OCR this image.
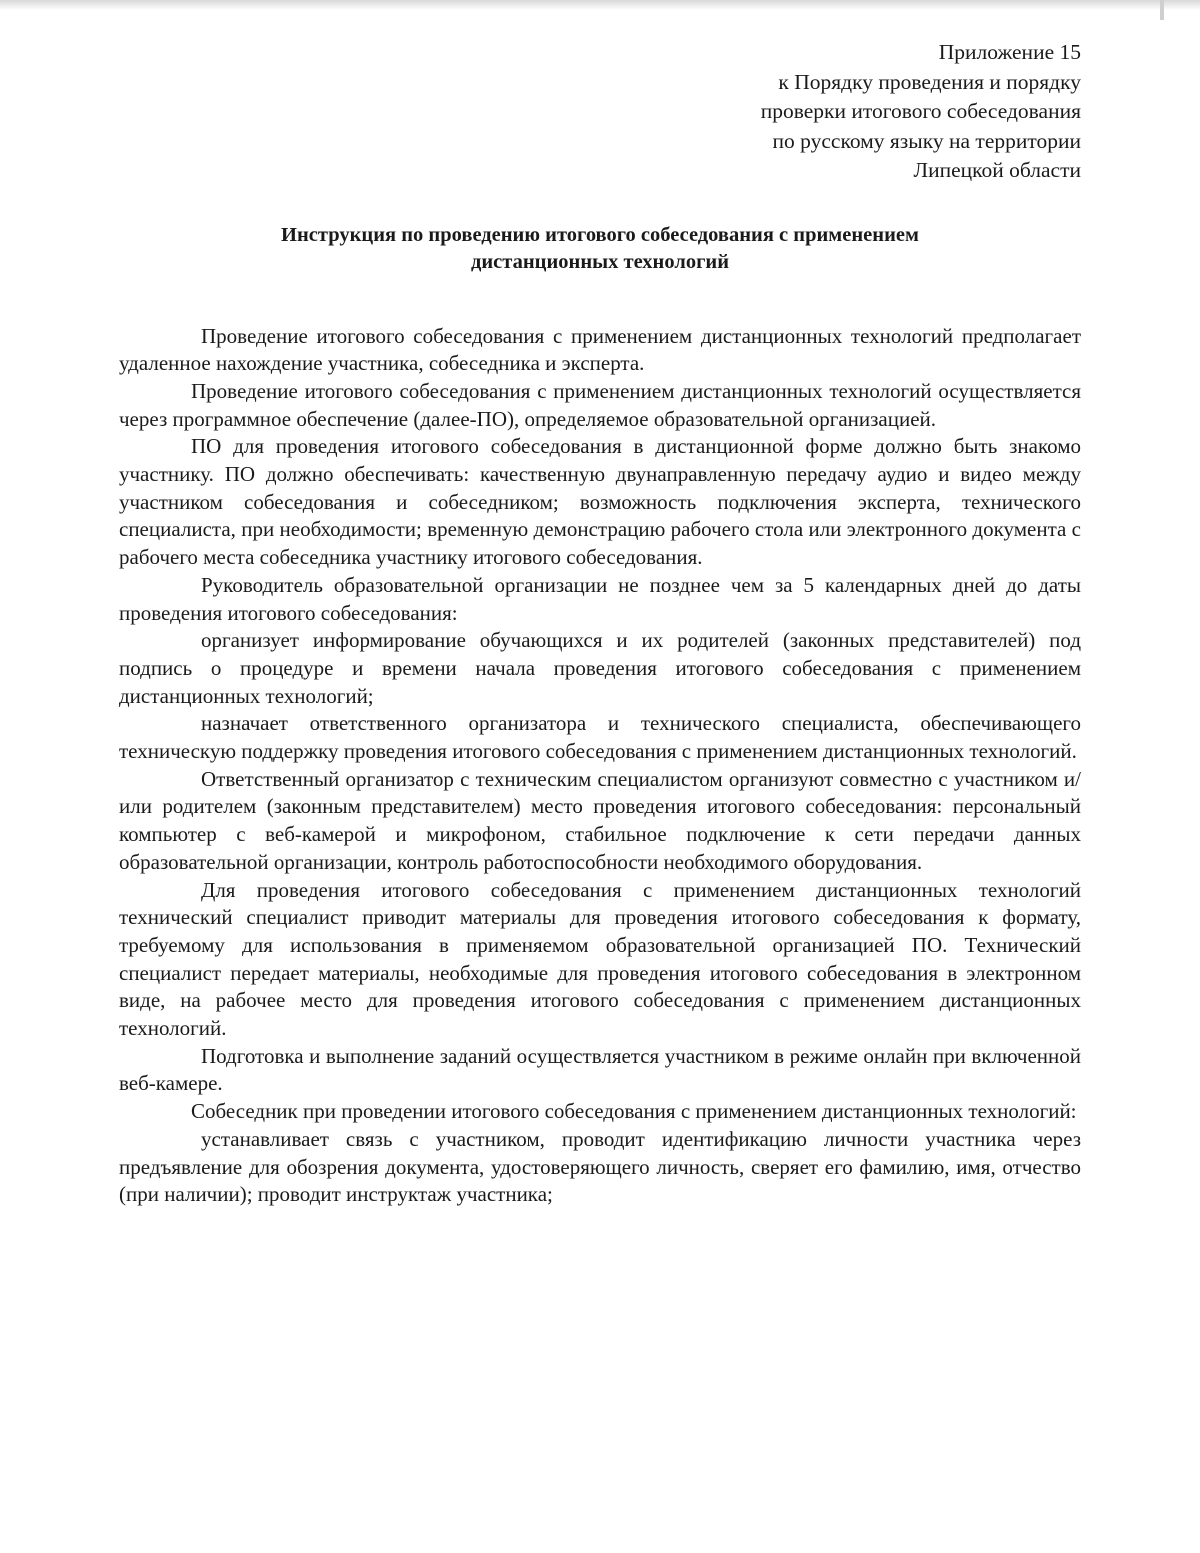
Приложение 15
к Порядку проведения и порядку
проверки итогового собеседования
по русскому языку на территории
Липецкой области
Инструкция по проведению итогового собеседования с применением
дистанционных технологий

Проведение итогового собеседования с применением дистанционных технологий предполагает удаленное нахождение участника, собеседника и эксперта.

Проведение итогового собеседования с применением дистанционных технологий осуществляется через программное обеспечение (далее-ПО), определяемое образовательной организацией.

ПО для проведения итогового собеседования в дистанционной форме должно быть знакомо участнику. ПО должно обеспечивать: качественную двунаправленную передачу аудио и видео между участником собеседования и собеседником; возможность подключения эксперта, технического специалиста, при необходимости; временную демонстрацию рабочего стола или электронного документа с рабочего места собеседника участнику итогового собеседования.

Руководитель образовательной организации не позднее чем за 5 календарных дней до даты проведения итогового собеседования:

организует информирование обучающихся и их родителей (законных представителей) под подпись о процедуре и времени начала проведения итогового собеседования с применением дистанционных технологий;

назначает ответственного организатора и технического специалиста, обеспечивающего техническую поддержку проведения итогового собеседования с применением дистанционных технологий.

Ответственный организатор с техническим специалистом организуют совместно с участником и/или родителем (законным представителем) место проведения итогового собеседования: персональный компьютер с веб-камерой и микрофоном, стабильное подключение к сети передачи данных образовательной организации, контроль работоспособности необходимого оборудования.

Для проведения итогового собеседования с применением дистанционных технологий технический специалист приводит материалы для проведения итогового собеседования к формату, требуемому для использования в применяемом образовательной организацией ПО. Технический специалист передает материалы, необходимые для проведения итогового собеседования в электронном виде, на рабочее место для проведения итогового собеседования с применением дистанционных технологий.

Подготовка и выполнение заданий осуществляется участником в режиме онлайн при включенной веб-камере.

Собеседник при проведении итогового собеседования с применением дистанционных технологий:

устанавливает связь с участником, проводит идентификацию личности участника через предъявление для обозрения документа, удостоверяющего личность, сверяет его фамилию, имя, отчество (при наличии); проводит инструктаж участника;
